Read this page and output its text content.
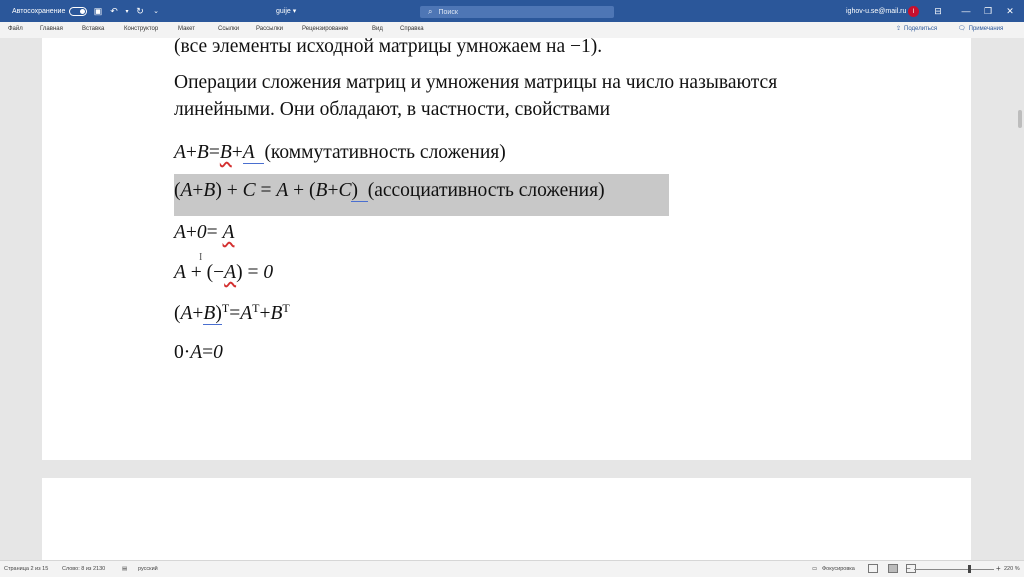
Автосохранение	▣ ↶	▾ ↻	⌄	guije ▾	⌕ Поиск	ighov-u.se@mail.ru	I	⊟	—	❐	✕
Файл	Главная	Вставка	Конструктор	Макет	Ссылки	Рассылки	Рецензирование	Вид	Справка	⇪ Поделиться	🗨 Примечания
(все элементы исходной матрицы умножаем на −1).
Операции сложения матриц и умножения матрицы на число называются
линейными. Они обладают, в частности, свойствами
A+B=B+A (коммутативность сложения)
(A+B) + C = A + (B+C) (ассоциативность сложения)
A+0= A
I
A + (−A) = 0
$(A+B)^T=A^T+B^T$
0·A=0
Страница 2 из 15 Слово: 8 из 2130	▤ русский	▭ Фокусировка	−	+ 220 %
